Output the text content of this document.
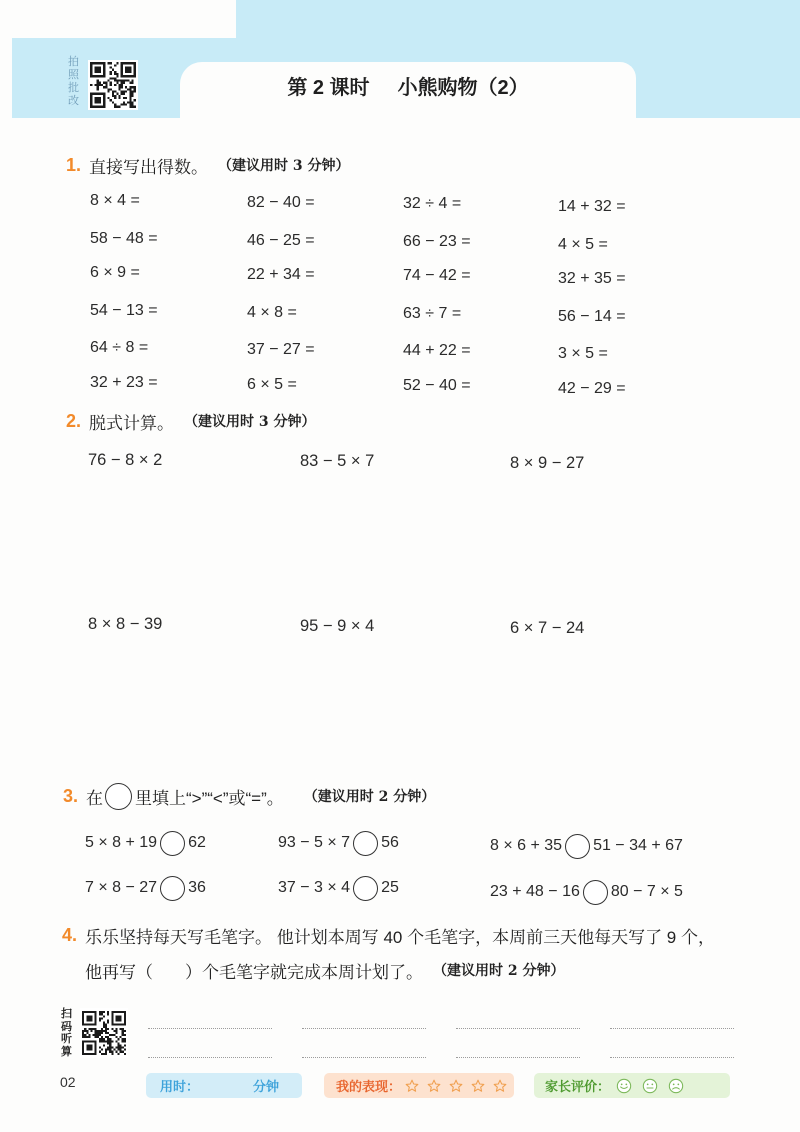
拍照批改
第 2 课时 小熊购物（2）
1. 直接写出得数。 （建议用时 3 分钟）
8 × 4 =	82 − 40 =	32 ÷ 4 =	14 + 32 =
58 − 48 =	46 − 25 =	66 − 23 =	4 × 5 =
6 × 9 =	22 + 34 =	74 − 42 =	32 + 35 =
54 − 13 =	4 × 8 =	63 ÷ 7 =	56 − 14 =
64 ÷ 8 =	37 − 27 =	44 + 22 =	3 × 5 =
32 + 23 =	6 × 5 =	52 − 40 =	42 − 29 =
2. 脱式计算。 （建议用时 3 分钟）
76 − 8 × 2	83 − 5 × 7	8 × 9 − 27
8 × 8 − 39	95 − 9 × 4	6 × 7 − 24
3. 在 里填上“>”“<”或“=”。 （建议用时 2 分钟）
5 × 8 + 19 62	93 − 5 × 7 56	8 × 6 + 35 51 − 34 + 67
7 × 8 − 27 36	37 − 3 × 4 25	23 + 48 − 16 80 − 7 × 5
4. 乐乐坚持每天写毛笔字。 他计划本周写 40 个毛笔字，本周前三天他每天写了 9 个，
他再写（ ）个毛笔字就完成本周计划了。 （建议用时 2 分钟）
扫码听算
02	用时：	分钟	我的表现：	家长评价：
